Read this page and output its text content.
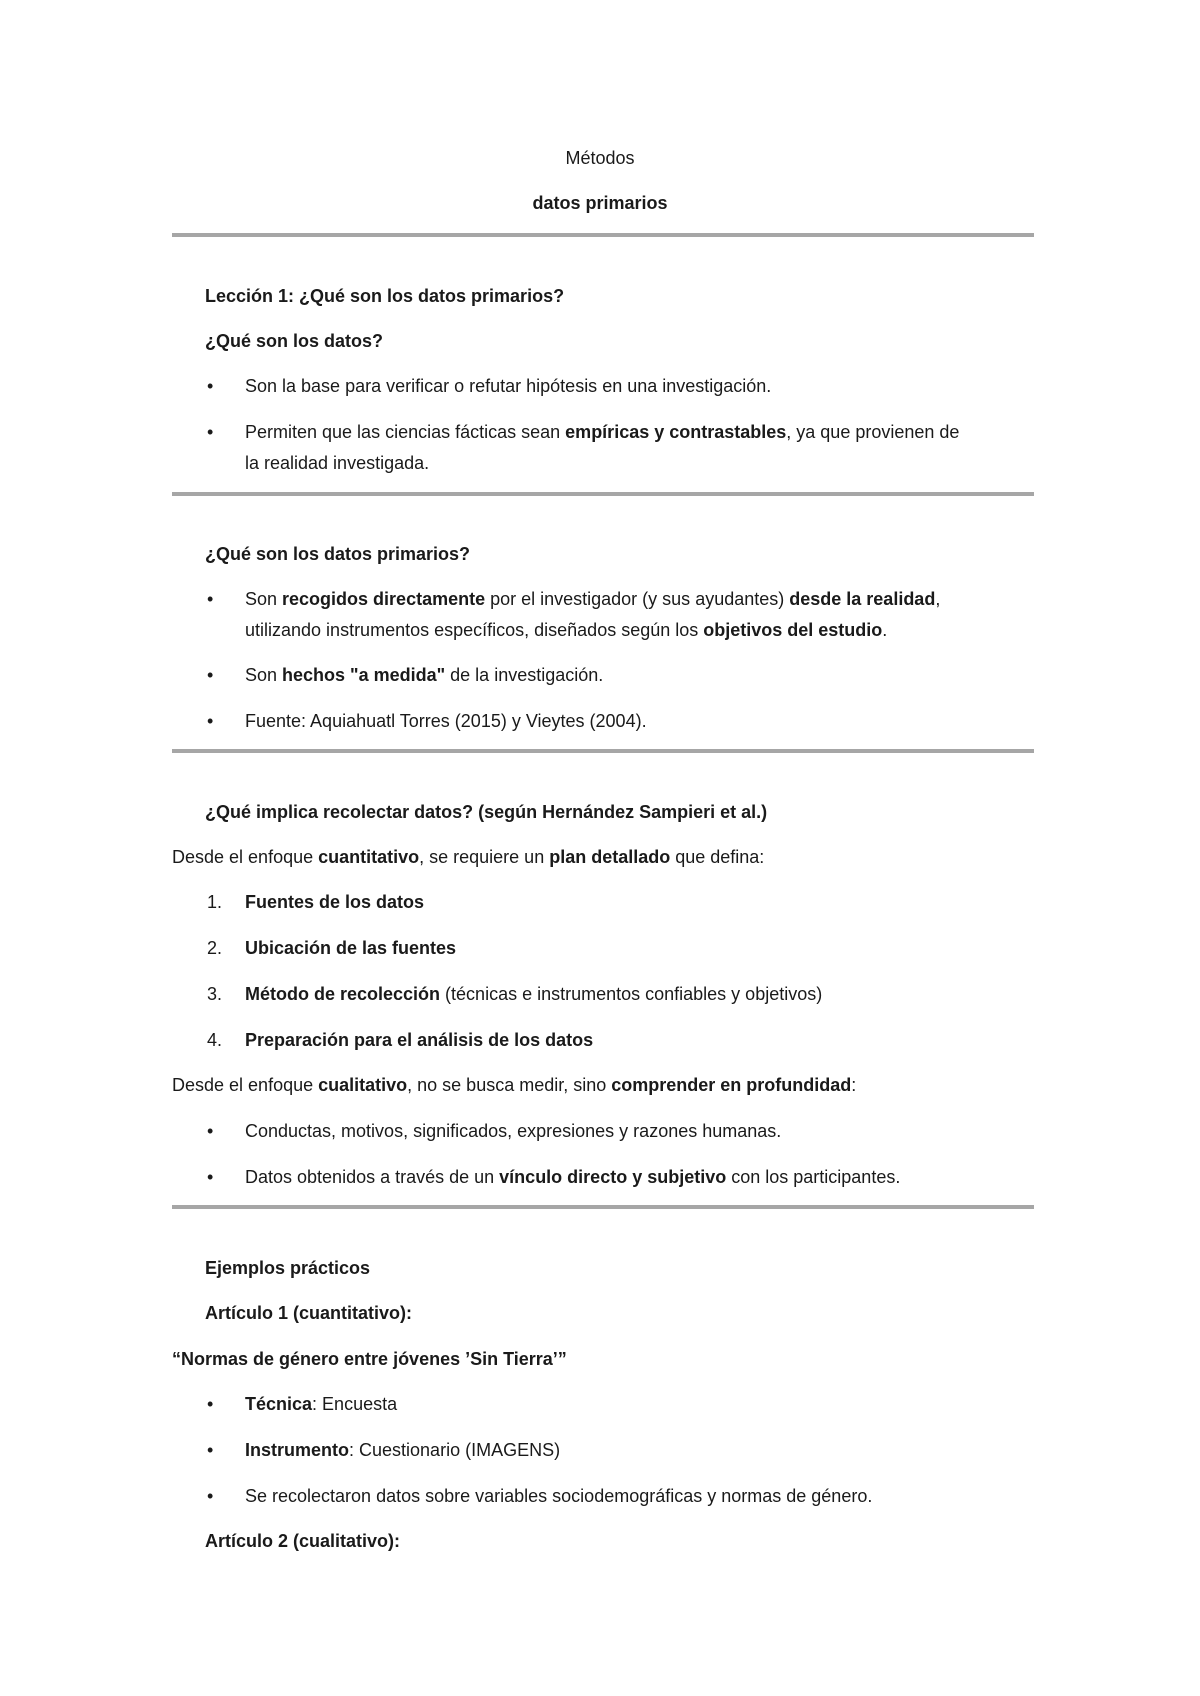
Métodos
datos primarios
Lección 1: ¿Qué son los datos primarios?
¿Qué son los datos?
• Son la base para verificar o refutar hipótesis en una investigación.
• Permiten que las ciencias fácticas sean empíricas y contrastables, ya que provienen de
la realidad investigada.
¿Qué son los datos primarios?
• Son recogidos directamente por el investigador (y sus ayudantes) desde la realidad,
utilizando instrumentos específicos, diseñados según los objetivos del estudio.
• Son hechos "a medida" de la investigación.
• Fuente: Aquiahuatl Torres (2015) y Vieytes (2004).
¿Qué implica recolectar datos? (según Hernández Sampieri et al.)
Desde el enfoque cuantitativo, se requiere un plan detallado que defina:
1. Fuentes de los datos
2. Ubicación de las fuentes
3. Método de recolección (técnicas e instrumentos confiables y objetivos)
4. Preparación para el análisis de los datos
Desde el enfoque cualitativo, no se busca medir, sino comprender en profundidad:
• Conductas, motivos, significados, expresiones y razones humanas.
• Datos obtenidos a través de un vínculo directo y subjetivo con los participantes.
Ejemplos prácticos
Artículo 1 (cuantitativo):
“Normas de género entre jóvenes ’Sin Tierra’”
• Técnica: Encuesta
• Instrumento: Cuestionario (IMAGENS)
• Se recolectaron datos sobre variables sociodemográficas y normas de género.
Artículo 2 (cualitativo):
